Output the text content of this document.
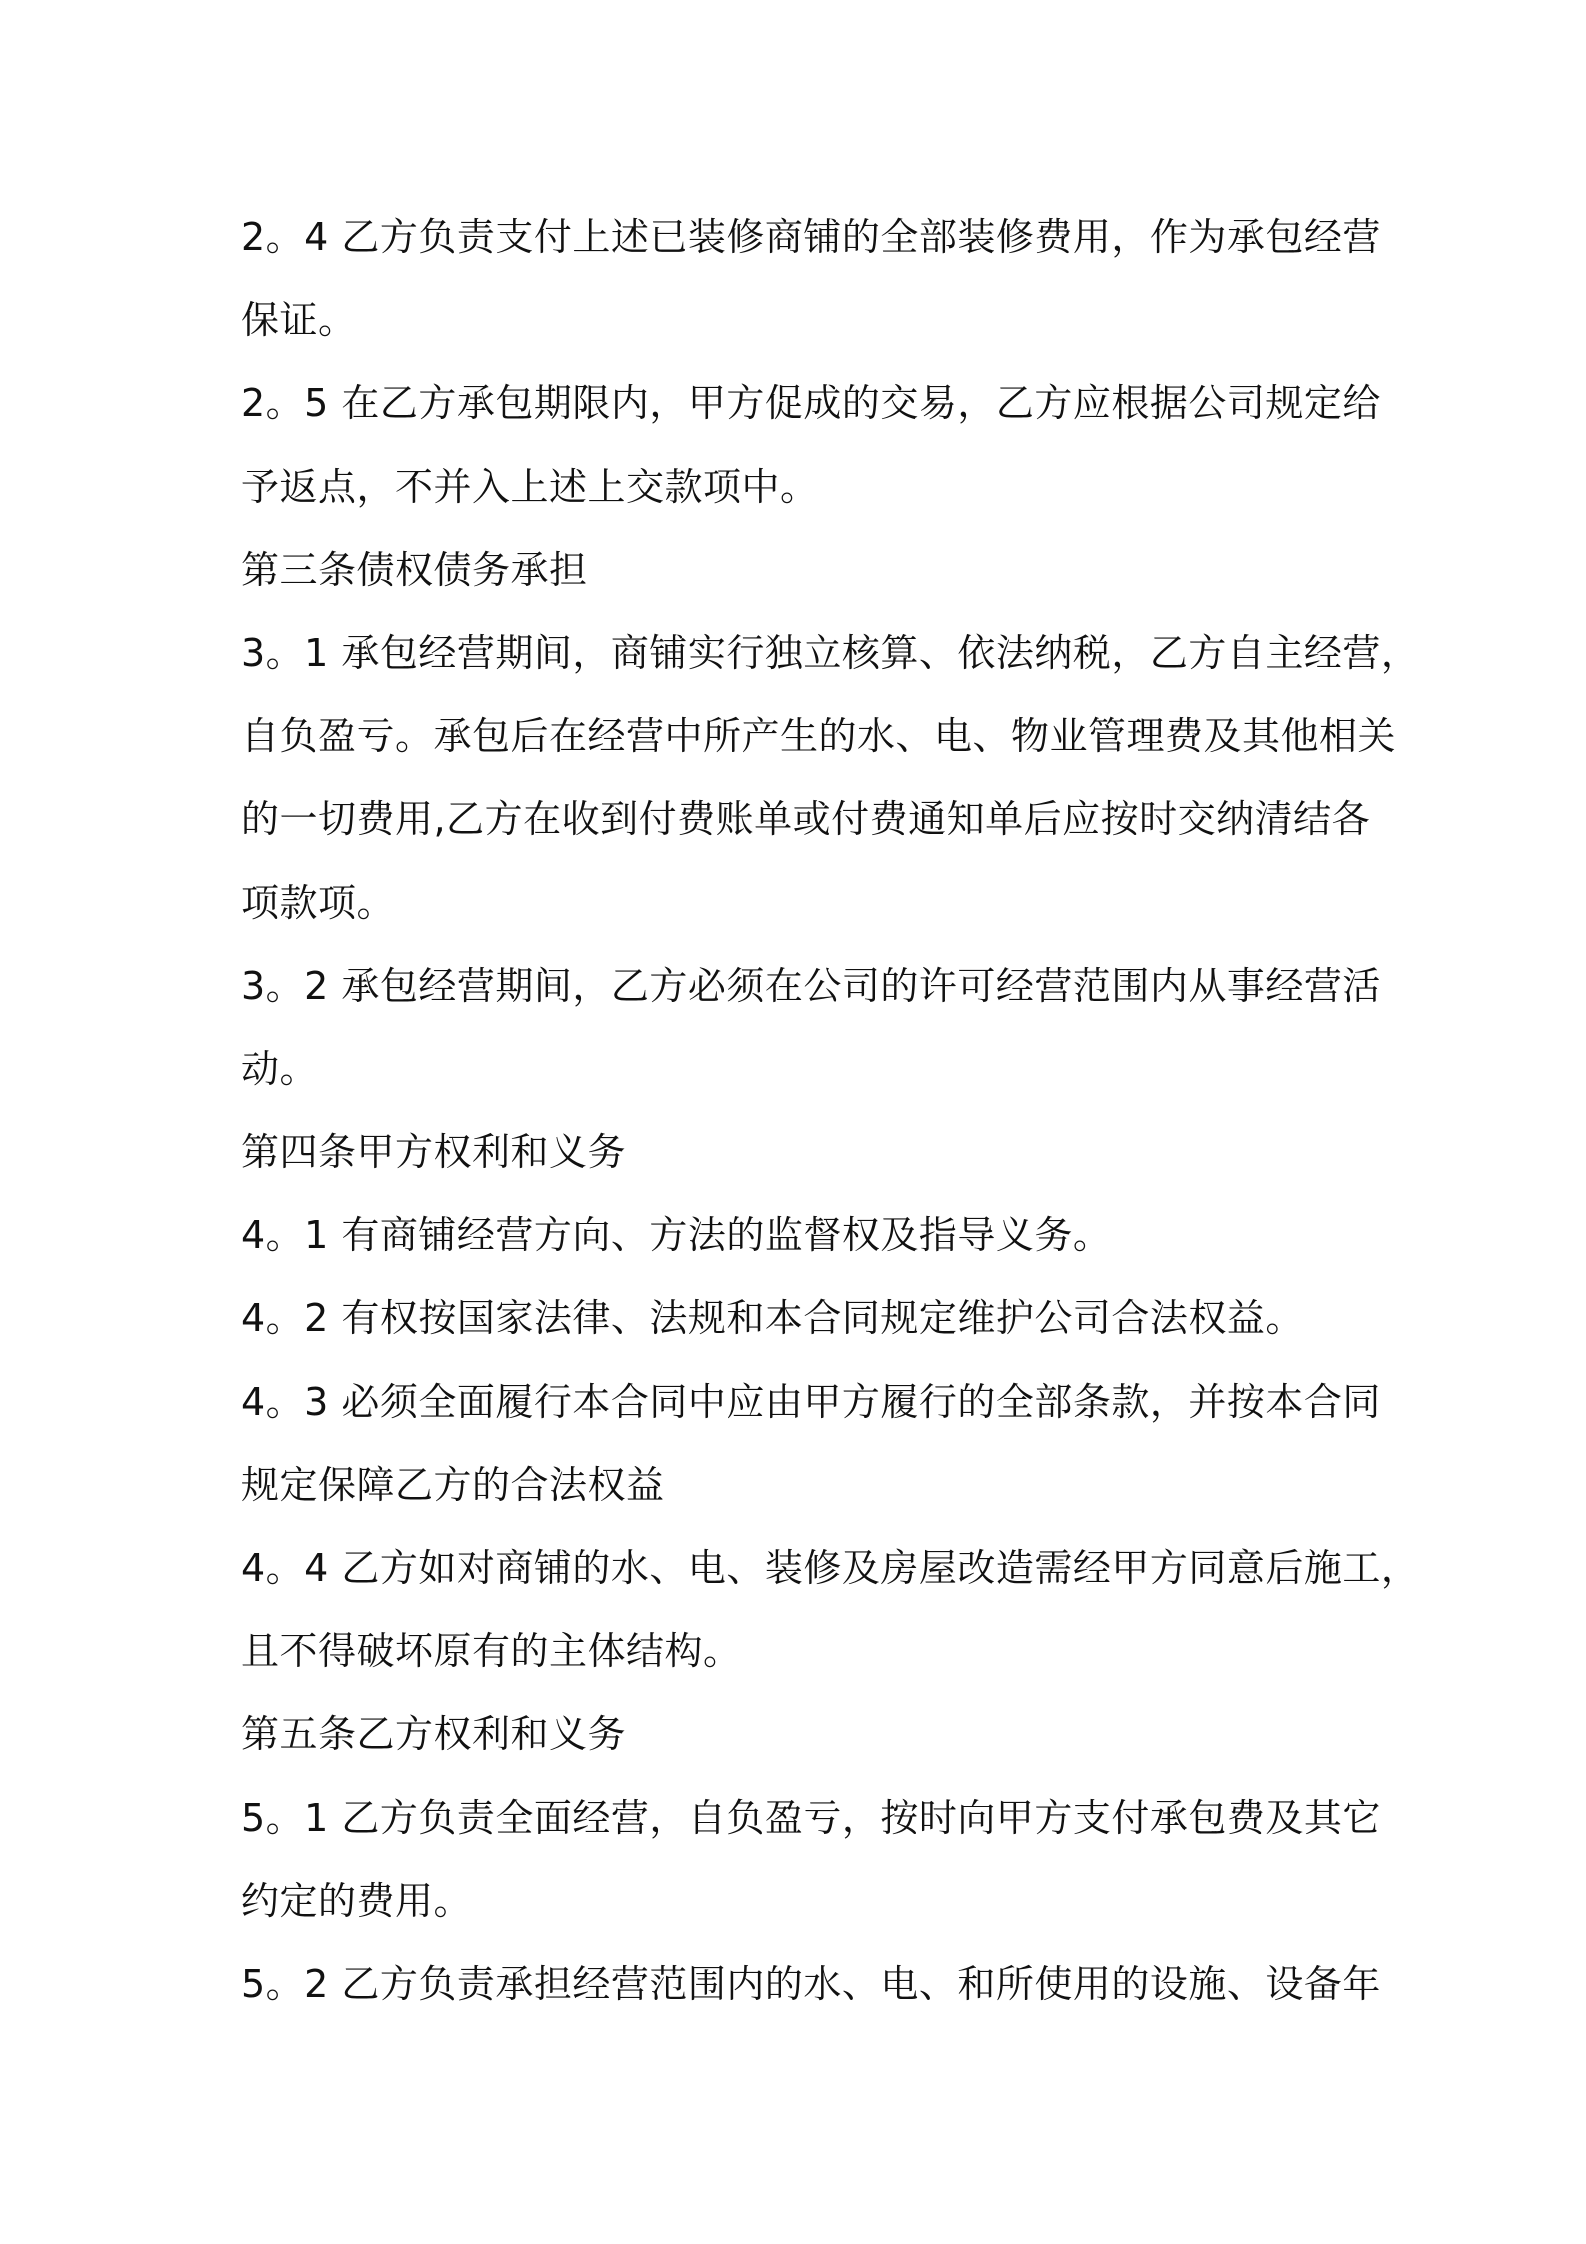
2。4 乙方负责支付上述已装修商铺的全部装修费用，作为承包经营
保证。
2。5 在乙方承包期限内，甲方促成的交易，乙方应根据公司规定给
予返点，不并入上述上交款项中。
第三条债权债务承担
3。1 承包经营期间，商铺实行独立核算、依法纳税，乙方自主经营，
自负盈亏。承包后在经营中所产生的水、电、物业管理费及其他相关
的一切费用,乙方在收到付费账单或付费通知单后应按时交纳清结各
项款项。
3。2 承包经营期间，乙方必须在公司的许可经营范围内从事经营活
动。
第四条甲方权利和义务
4。1 有商铺经营方向、方法的监督权及指导义务。
4。2 有权按国家法律、法规和本合同规定维护公司合法权益。
4。3 必须全面履行本合同中应由甲方履行的全部条款，并按本合同
规定保障乙方的合法权益
4。4 乙方如对商铺的水、电、装修及房屋改造需经甲方同意后施工，
且不得破坏原有的主体结构。
第五条乙方权利和义务
5。1 乙方负责全面经营，自负盈亏，按时向甲方支付承包费及其它
约定的费用。
5。2 乙方负责承担经营范围内的水、电、和所使用的设施、设备年
